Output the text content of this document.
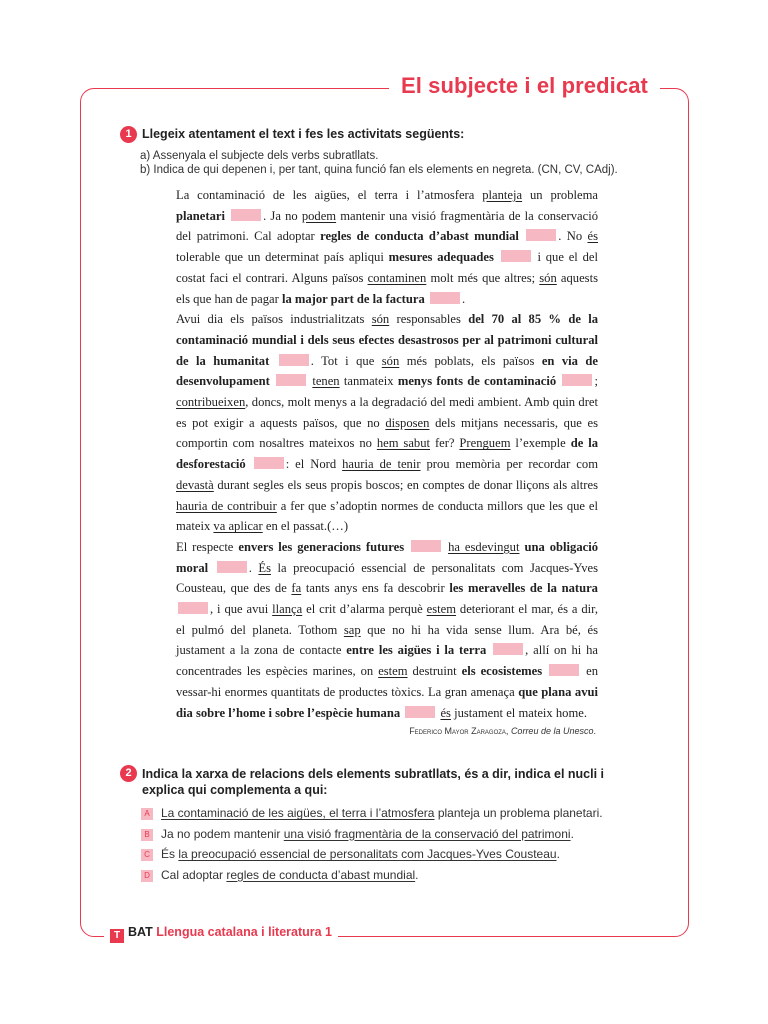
El subjecte i el predicat
1 Llegeix atentament el text i fes les activitats següents:
a) Assenyala el subjecte dels verbs subratllats.
b) Indica de qui depenen i, per tant, quina funció fan els elements en negreta. (CN, CV, CAdj).
La contaminació de les aigües, el terra i l’atmosfera planteja un problema planetari	. Ja no podem mantenir una visió fragmentària de la conservació del patrimoni. Cal adoptar regles de conducta d’abast mundial	. No és tolerable que un determinat país apliqui mesures adequades	i que el del costat faci el contrari. Alguns països contaminen molt més que altres; són aquests els que han de pagar la major part de la factura	.
Avui dia els països industrialitzats són responsables del 70 al 85 % de la contaminació mundial i dels seus efectes desastrosos per al patrimoni cultural de la humanitat	. Tot i que són més poblats, els països en via de desenvolupament	tenen tanmateix menys fonts de contaminació	; contribueixen, doncs, molt menys a la degradació del medi ambient. Amb quin dret es pot exigir a aquests països, que no disposen dels mitjans necessaris, que es comportin com nosaltres mateixos no hem sabut fer? Prenguem l’exemple de la desforestació	: el Nord hauria de tenir prou memòria per recordar com devastà durant segles els seus propis boscos; en comptes de donar lliçons als altres hauria de contribuir a fer que s’adoptin normes de conducta millors que les que el mateix va aplicar en el passat.(…)
El respecte envers les generacions futures	ha esdevingut una obligació moral	. És la preocupació essencial de personalitats com Jacques-Yves Cousteau, que des de fa tants anys ens fa descobrir les meravelles de la natura , i que avui llança el crit d’alarma perquè estem deteriorant el mar, és a dir, el pulmó del planeta. Tothom sap que no hi ha vida sense llum. Ara bé, és justament a la zona de contacte entre les aigües i la terra	, allí on hi ha concentrades les espècies marines, on estem destruint els ecosistemes	en vessar-hi enormes quantitats de productes tòxics. La gran amenaça que plana avui dia sobre l’home i sobre l’espècie humana	és justament el mateix home.
Federico Mayor Zaragoza, Correu de la Unesco.
2 Indica la xarxa de relacions dels elements subratllats, és a dir, indica el nucli i explica qui complementa a qui:
A La contaminació de les aigües, el terra i l’atmosfera planteja un problema planetari.
B Ja no podem mantenir una visió fragmentària de la conservació del patrimoni.
C És la preocupació essencial de personalitats com Jacques-Yves Cousteau.
D Cal adoptar regles de conducta d’abast mundial.
T BAT Llengua catalana i literatura 1
